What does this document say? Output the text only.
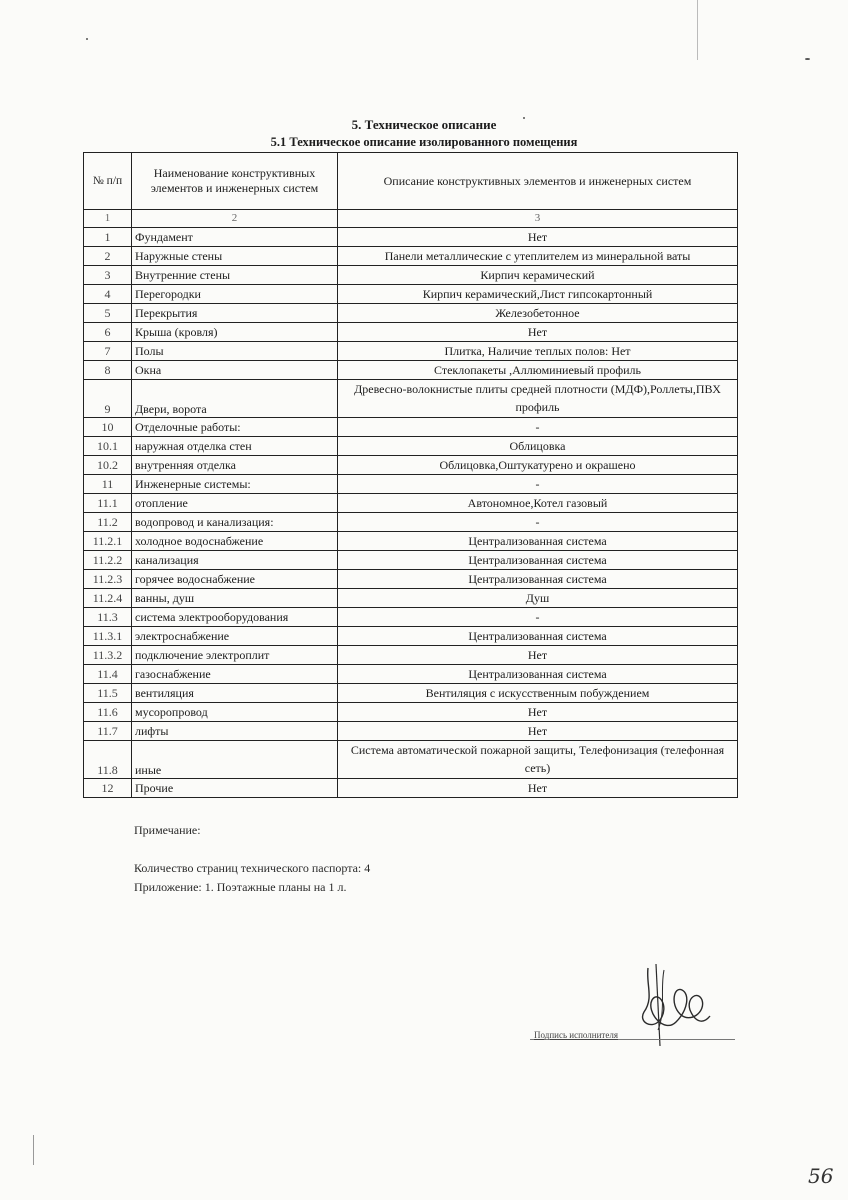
5. Техническое описание
5.1 Техническое описание изолированного помещения
№ п/п	Наименование конструктивных элементов и инженерных систем	Описание конструктивных элементов и инженерных систем
1	2	3
1	Фундамент	Нет
2	Наружные стены	Панели металлические с утеплителем из минеральной ваты
3	Внутренние стены	Кирпич керамический
4	Перегородки	Кирпич керамический,Лист гипсокартонный
5	Перекрытия	Железобетонное
6	Крыша (кровля)	Нет
7	Полы	Плитка, Наличие теплых полов: Нет
8	Окна	Стеклопакеты ,Аллюминиевый профиль
9	Двери, ворота	Древесно-волокнистые плиты средней плотности (МДФ),Роллеты,ПВХ профиль
10	Отделочные работы:	-
10.1	наружная отделка стен	Облицовка
10.2	внутренняя отделка	Облицовка,Оштукатурено и окрашено
11	Инженерные системы:	-
11.1	отопление	Автономное,Котел газовый
11.2	водопровод и канализация:	-
11.2.1	холодное водоснабжение	Централизованная система
11.2.2	канализация	Централизованная система
11.2.3	горячее водоснабжение	Централизованная система
11.2.4	ванны, душ	Душ
11.3	система электрооборудования	-
11.3.1	электроснабжение	Централизованная система
11.3.2	подключение электроплит	Нет
11.4	газоснабжение	Централизованная система
11.5	вентиляция	Вентиляция с искусственным побуждением
11.6	мусоропровод	Нет
11.7	лифты	Нет
11.8	иные	Система автоматической пожарной защиты, Телефонизация (телефонная сеть)
12	Прочие	Нет
Примечание:
Количество страниц технического паспорта: 4
Приложение: 1. Поэтажные планы на 1 л.
Подпись исполнителя
56
